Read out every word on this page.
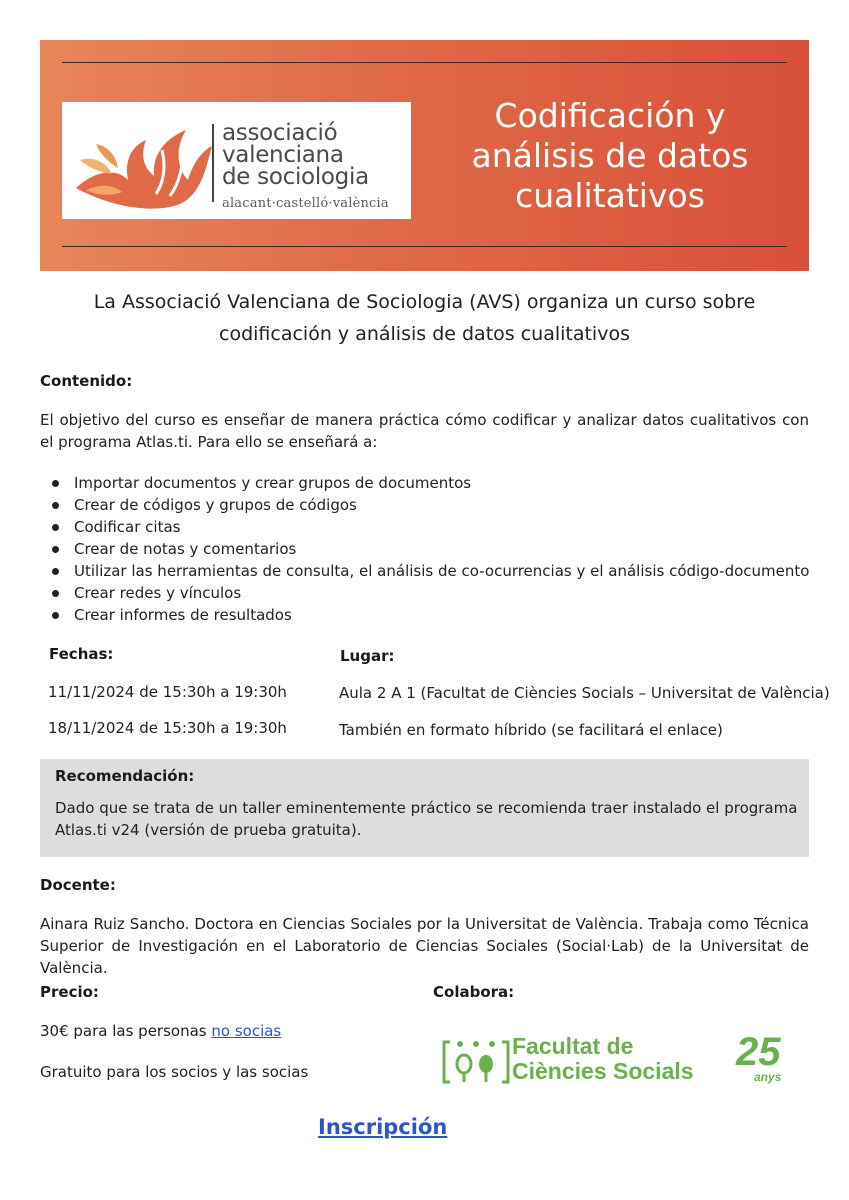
associació
valenciana
de sociologia
alacant·castelló·valència
Codificación y
análisis de datos
cualitativos
La Associació Valenciana de Sociologia (AVS) organiza un curso sobre
codificación y análisis de datos cualitativos
Contenido:
El objetivo del curso es enseñar de manera práctica cómo codificar y analizar datos cualitativos con el programa Atlas.ti. Para ello se enseñará a:
Importar documentos y crear grupos de documentos
Crear de códigos y grupos de códigos
Codificar citas
Crear de notas y comentarios
Utilizar las herramientas de consulta, el análisis de co-ocurrencias y el análisis código-documento
Crear redes y vínculos
Crear informes de resultados
Fechas:
11/11/2024 de 15:30h a 19:30h
18/11/2024 de 15:30h a 19:30h
Lugar:
Aula 2 A 1 (Facultat de Ciències Socials – Universitat de València)
También en formato híbrido (se facilitará el enlace)
Recomendación:
Dado que se trata de un taller eminentemente práctico se recomienda traer instalado el programa Atlas.ti v24 (versión de prueba gratuita).
Docente:
Ainara Ruiz Sancho. Doctora en Ciencias Sociales por la Universitat de València. Trabaja como Técnica Superior de Investigación en el Laboratorio de Ciencias Sociales (Social·Lab) de la Universitat de València.
Precio:
30€ para las personas no socias
Gratuito para los socios y las socias
Colabora:
Facultat de
Ciències Socials 25
anys
Inscripción
